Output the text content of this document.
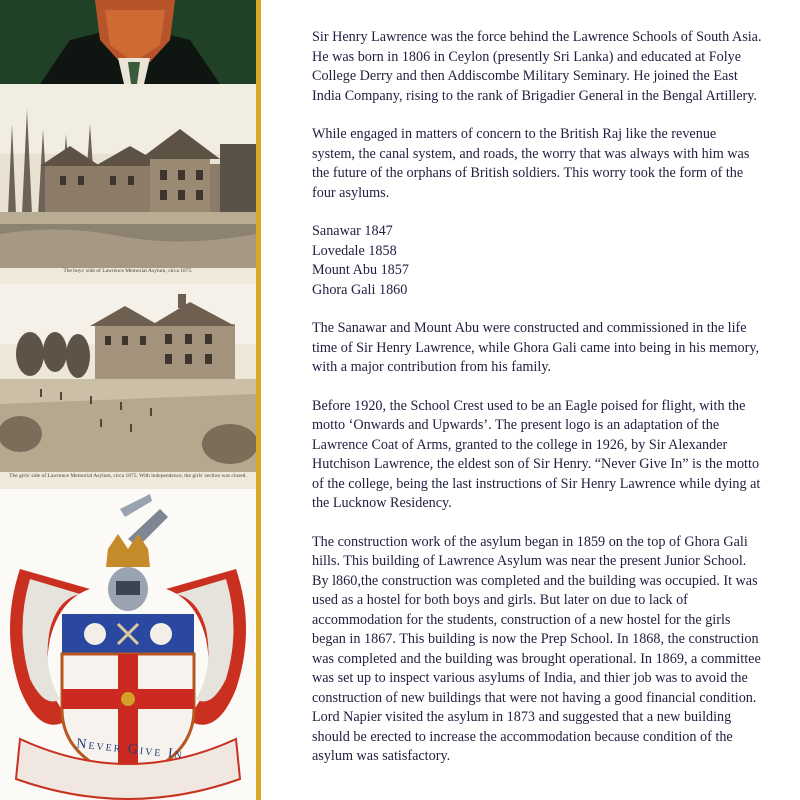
The boys' side of Lawrence Memorial Asylum, circa 1875.
The girls' side of Lawrence Memorial Asylum, circa 1875. With independence, the girls' section was closed.
Never Give In

Sir Henry Lawrence was the force behind the Lawrence Schools of South Asia. He was born in 1806 in Ceylon (presently Sri Lanka) and educated at Folye College Derry and then Addiscombe Military Seminary. He joined the East India Company, rising to the rank of Brigadier General in the Bengal Artillery.

While engaged in matters of concern to the British Raj like the revenue system, the canal system, and roads, the worry that was always with him was the future of the orphans of British soldiers. This worry took the form of the four asylums.

Sanawar 1847
Lovedale 1858
Mount Abu 1857
Ghora Gali 1860

The Sanawar and Mount Abu were constructed and commissioned in the life time of Sir Henry Lawrence, while Ghora Gali came into being in his memory, with a major contribution from his family.

Before 1920, the School Crest used to be an Eagle poised for flight, with the motto ‘Onwards and Upwards’. The present logo is an adaptation of the Lawrence Coat of Arms, granted to the college in 1926, by Sir Alexander Hutchison Lawrence, the eldest son of Sir Henry. “Never Give In” is the motto of the college, being the last instructions of Sir Henry Lawrence while dying at the Lucknow Residency.

The construction work of the asylum began in 1859 on the top of Ghora Gali hills. This building of Lawrence Asylum was near the present Junior School. By l860,the construction was completed and the building was occupied. It was used as a hostel for both boys and girls. But later on due to lack of accommodation for the students, construction of a new hostel for the girls began in 1867. This building is now the Prep School. In 1868, the construction was completed and the building was brought operational. In 1869, a committee was set up to inspect various asylums of India, and thier job was to avoid the construction of new buildings that were not having a good financial condition. Lord Napier visited the asylum in 1873 and suggested that a new building should be erected to increase the accommodation because condition of the asylum was satisfactory.
